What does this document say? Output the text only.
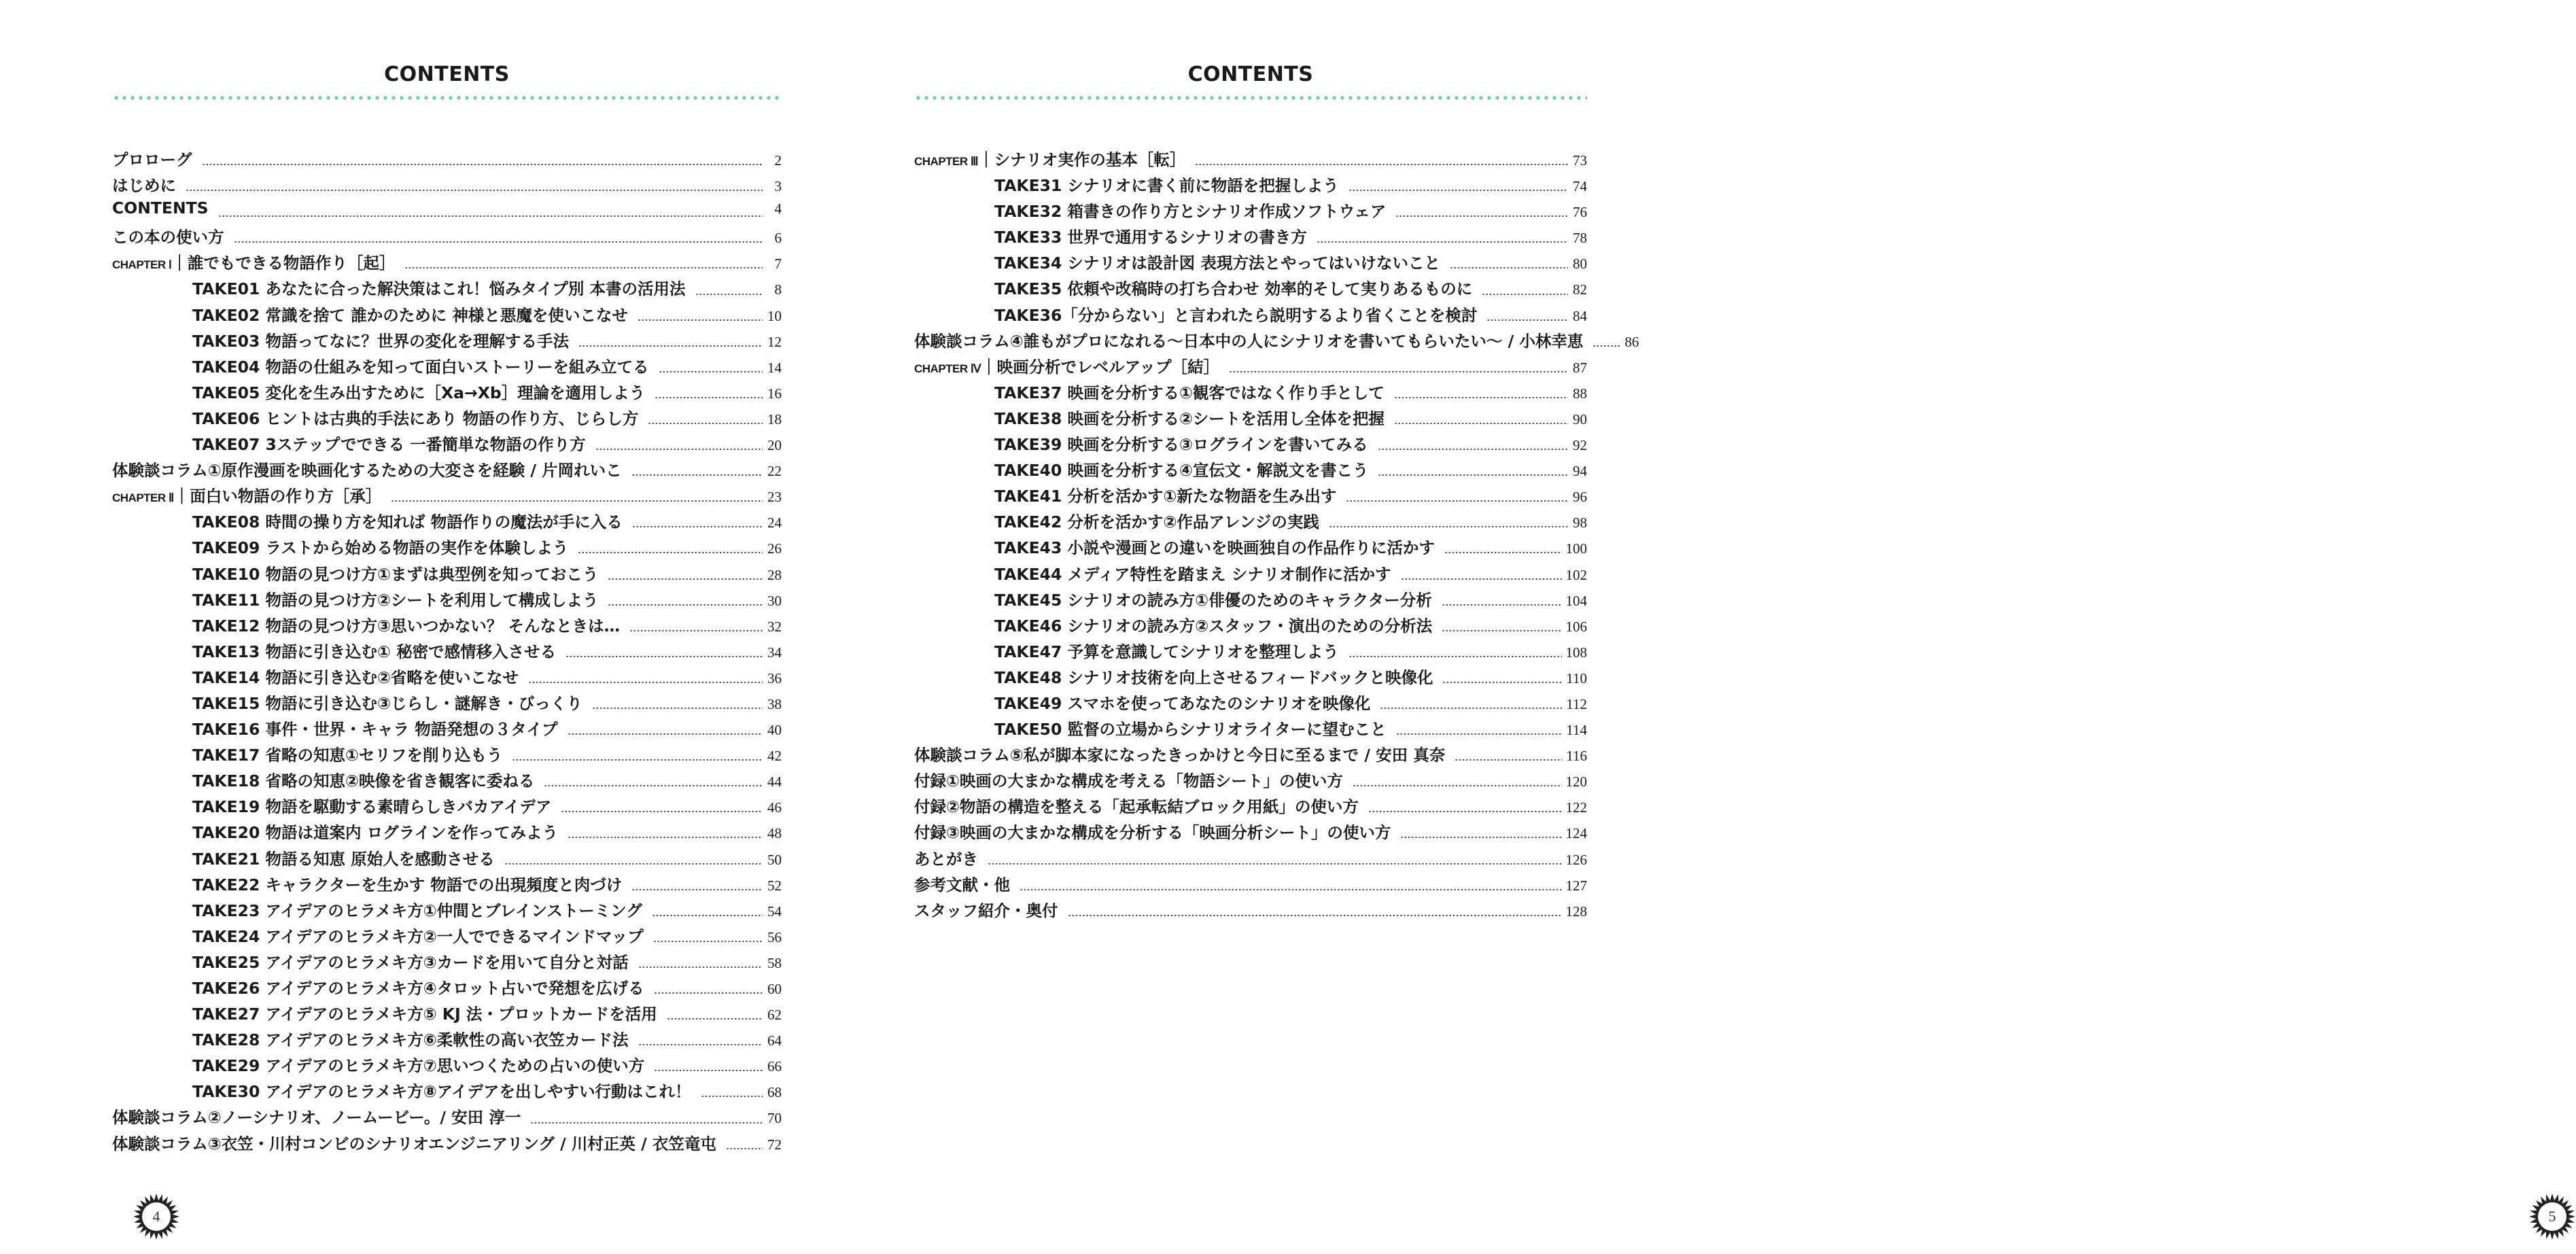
CONTENTS
プロローグ	2
はじめに	3
CONTENTS	4
この本の使い方	6
CHAPTER Ⅰ｜誰でもできる物語作り［起］	7
TAKE01 あなたに合った解決策はこれ！悩みタイプ別 本書の活用法	8
TAKE02 常識を捨て 誰かのために 神様と悪魔を使いこなせ	10
TAKE03 物語ってなに？世界の変化を理解する手法	12
TAKE04 物語の仕組みを知って面白いストーリーを組み立てる	14
TAKE05 変化を生み出すために［Xa→Xb］理論を適用しよう	16
TAKE06 ヒントは古典的手法にあり 物語の作り方、じらし方	18
TAKE07 3ステップでできる 一番簡単な物語の作り方	20
体験談コラム①原作漫画を映画化するための大変さを経験 / 片岡れいこ	22
CHAPTER Ⅱ｜面白い物語の作り方［承］	23
TAKE08 時間の操り方を知れば 物語作りの魔法が手に入る	24
TAKE09 ラストから始める物語の実作を体験しよう	26
TAKE10 物語の見つけ方①まずは典型例を知っておこう	28
TAKE11 物語の見つけ方②シートを利用して構成しよう	30
TAKE12 物語の見つけ方③思いつかない？ そんなときは…	32
TAKE13 物語に引き込む① 秘密で感情移入させる	34
TAKE14 物語に引き込む②省略を使いこなせ	36
TAKE15 物語に引き込む③じらし・謎解き・びっくり	38
TAKE16 事件・世界・キャラ 物語発想の３タイプ	40
TAKE17 省略の知恵①セリフを削り込もう	42
TAKE18 省略の知恵②映像を省き観客に委ねる	44
TAKE19 物語を駆動する素晴らしきバカアイデア	46
TAKE20 物語は道案内 ログラインを作ってみよう	48
TAKE21 物語る知恵 原始人を感動させる	50
TAKE22 キャラクターを生かす 物語での出現頻度と肉づけ	52
TAKE23 アイデアのヒラメキ方①仲間とブレインストーミング	54
TAKE24 アイデアのヒラメキ方②一人でできるマインドマップ	56
TAKE25 アイデアのヒラメキ方③カードを用いて自分と対話	58
TAKE26 アイデアのヒラメキ方④タロット占いで発想を広げる	60
TAKE27 アイデアのヒラメキ方⑤ KJ 法・プロットカードを活用	62
TAKE28 アイデアのヒラメキ方⑥柔軟性の高い衣笠カード法	64
TAKE29 アイデアのヒラメキ方⑦思いつくための占いの使い方	66
TAKE30 アイデアのヒラメキ方⑧アイデアを出しやすい行動はこれ！	68
体験談コラム②ノーシナリオ、ノームービー。/ 安田 淳一	70
体験談コラム③衣笠・川村コンビのシナリオエンジニアリング / 川村正英 / 衣笠竜屯	72
4
CONTENTS
CHAPTER Ⅲ｜シナリオ実作の基本［転］	73
TAKE31 シナリオに書く前に物語を把握しよう	74
TAKE32 箱書きの作り方とシナリオ作成ソフトウェア	76
TAKE33 世界で通用するシナリオの書き方	78
TAKE34 シナリオは設計図 表現方法とやってはいけないこと	80
TAKE35 依頼や改稿時の打ち合わせ 効率的そして実りあるものに	82
TAKE36「分からない」と言われたら説明するより省くことを検討	84
体験談コラム④誰もがプロになれる〜日本中の人にシナリオを書いてもらいたい〜 / 小林幸恵	86
CHAPTER Ⅳ｜映画分析でレベルアップ［結］	87
TAKE37 映画を分析する①観客ではなく作り手として	88
TAKE38 映画を分析する②シートを活用し全体を把握	90
TAKE39 映画を分析する③ログラインを書いてみる	92
TAKE40 映画を分析する④宣伝文・解説文を書こう	94
TAKE41 分析を活かす①新たな物語を生み出す	96
TAKE42 分析を活かす②作品アレンジの実践	98
TAKE43 小説や漫画との違いを映画独自の作品作りに活かす	100
TAKE44 メディア特性を踏まえ シナリオ制作に活かす	102
TAKE45 シナリオの読み方①俳優のためのキャラクター分析	104
TAKE46 シナリオの読み方②スタッフ・演出のための分析法	106
TAKE47 予算を意識してシナリオを整理しよう	108
TAKE48 シナリオ技術を向上させるフィードバックと映像化	110
TAKE49 スマホを使ってあなたのシナリオを映像化	112
TAKE50 監督の立場からシナリオライターに望むこと	114
体験談コラム⑤私が脚本家になったきっかけと今日に至るまで / 安田 真奈	116
付録①映画の大まかな構成を考える「物語シート」の使い方	120
付録②物語の構造を整える「起承転結ブロック用紙」の使い方	122
付録③映画の大まかな構成を分析する「映画分析シート」の使い方	124
あとがき	126
参考文献・他	127
スタッフ紹介・奥付	128
5
